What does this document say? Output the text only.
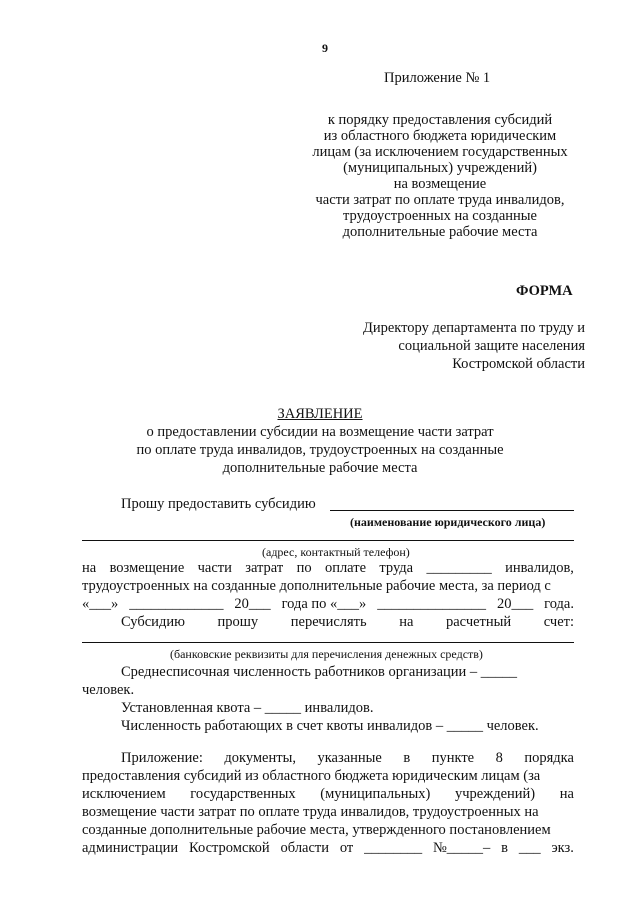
9
Приложение № 1
к порядку предоставления субсидий
из областного бюджета юридическим
лицам (за исключением государственных
(муниципальных) учреждений)
на возмещение
части затрат по оплате труда инвалидов,
трудоустроенных на созданные
дополнительные рабочие места
ФОРМА
Директору департамента по труду и
социальной защите населения
Костромской области
ЗАЯВЛЕНИЕ
о предоставлении субсидии на возмещение части затрат
по оплате труда инвалидов, трудоустроенных на созданные
дополнительные рабочие места
Прошу предоставить субсидию
(наименование юридического лица)
(адрес, контактный телефон)
на возмещение части затрат по оплате труда _________ инвалидов,
трудоустроенных на созданные дополнительные рабочие места, за период с
«___» _____________ 20___ года по «___» _______________ 20___ года.
Субсидию прошу перечислять на расчетный счет:
(банковские реквизиты для перечисления денежных средств)
Среднесписочная численность работников организации – _____
человек.
Установленная квота – _____ инвалидов.
Численность работающих в счет квоты инвалидов – _____ человек.
Приложение: документы, указанные в пункте 8 порядка
предоставления субсидий из областного бюджета юридическим лицам (за
исключением государственных (муниципальных) учреждений) на
возмещение части затрат по оплате труда инвалидов, трудоустроенных на
созданные дополнительные рабочие места, утвержденного постановлением
администрации Костромской области от ________ №_____– в ___ экз.
